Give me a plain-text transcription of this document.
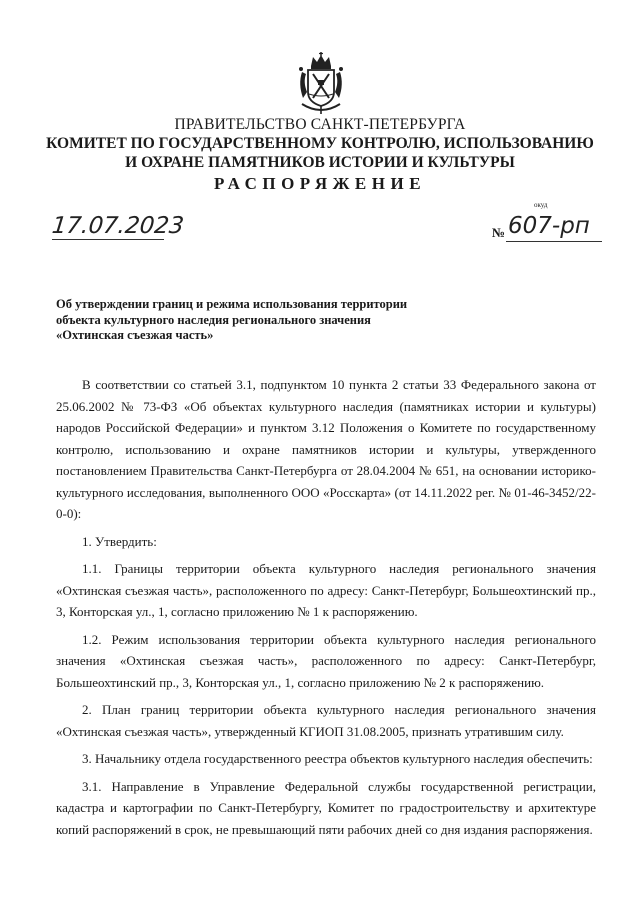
ПРАВИТЕЛЬСТВО САНКТ-ПЕТЕРБУРГА
КОМИТЕТ ПО ГОСУДАРСТВЕННОМУ КОНТРОЛЮ, ИСПОЛЬЗОВАНИЮ
И ОХРАНЕ ПАМЯТНИКОВ ИСТОРИИ И КУЛЬТУРЫ
РАСПОРЯЖЕНИЕ
окуд
17.07.2023	№ 607-рп
Об утверждении границ и режима использования территории
объекта культурного наследия регионального значения
«Охтинская съезжая часть»

В соответствии со статьей 3.1, подпунктом 10 пункта 2 статьи 33 Федерального закона от 25.06.2002 № 73-ФЗ «Об объектах культурного наследия (памятниках истории и культуры) народов Российской Федерации» и пунктом 3.12 Положения о Комитете по государственному контролю, использованию и охране памятников истории и культуры, утвержденного постановлением Правительства Санкт-Петербурга от 28.04.2004 № 651, на основании историко-культурного исследования, выполненного ООО «Росскарта» (от 14.11.2022 рег. № 01-46-3452/22-0-0):

1. Утвердить:

1.1. Границы территории объекта культурного наследия регионального значения «Охтинская съезжая часть», расположенного по адресу: Санкт-Петербург, Большеохтинский пр., 3, Конторская ул., 1, согласно приложению № 1 к распоряжению.

1.2. Режим использования территории объекта культурного наследия регионального значения «Охтинская съезжая часть», расположенного по адресу: Санкт-Петербург, Большеохтинский пр., 3, Конторская ул., 1, согласно приложению № 2 к распоряжению.

2. План границ территории объекта культурного наследия регионального значения «Охтинская съезжая часть», утвержденный КГИОП 31.08.2005, признать утратившим силу.

3. Начальнику отдела государственного реестра объектов культурного наследия обеспечить:

3.1. Направление в Управление Федеральной службы государственной регистрации, кадастра и картографии по Санкт-Петербургу, Комитет по градостроительству и архитектуре копий распоряжений в срок, не превышающий пяти рабочих дней со дня издания распоряжения.
